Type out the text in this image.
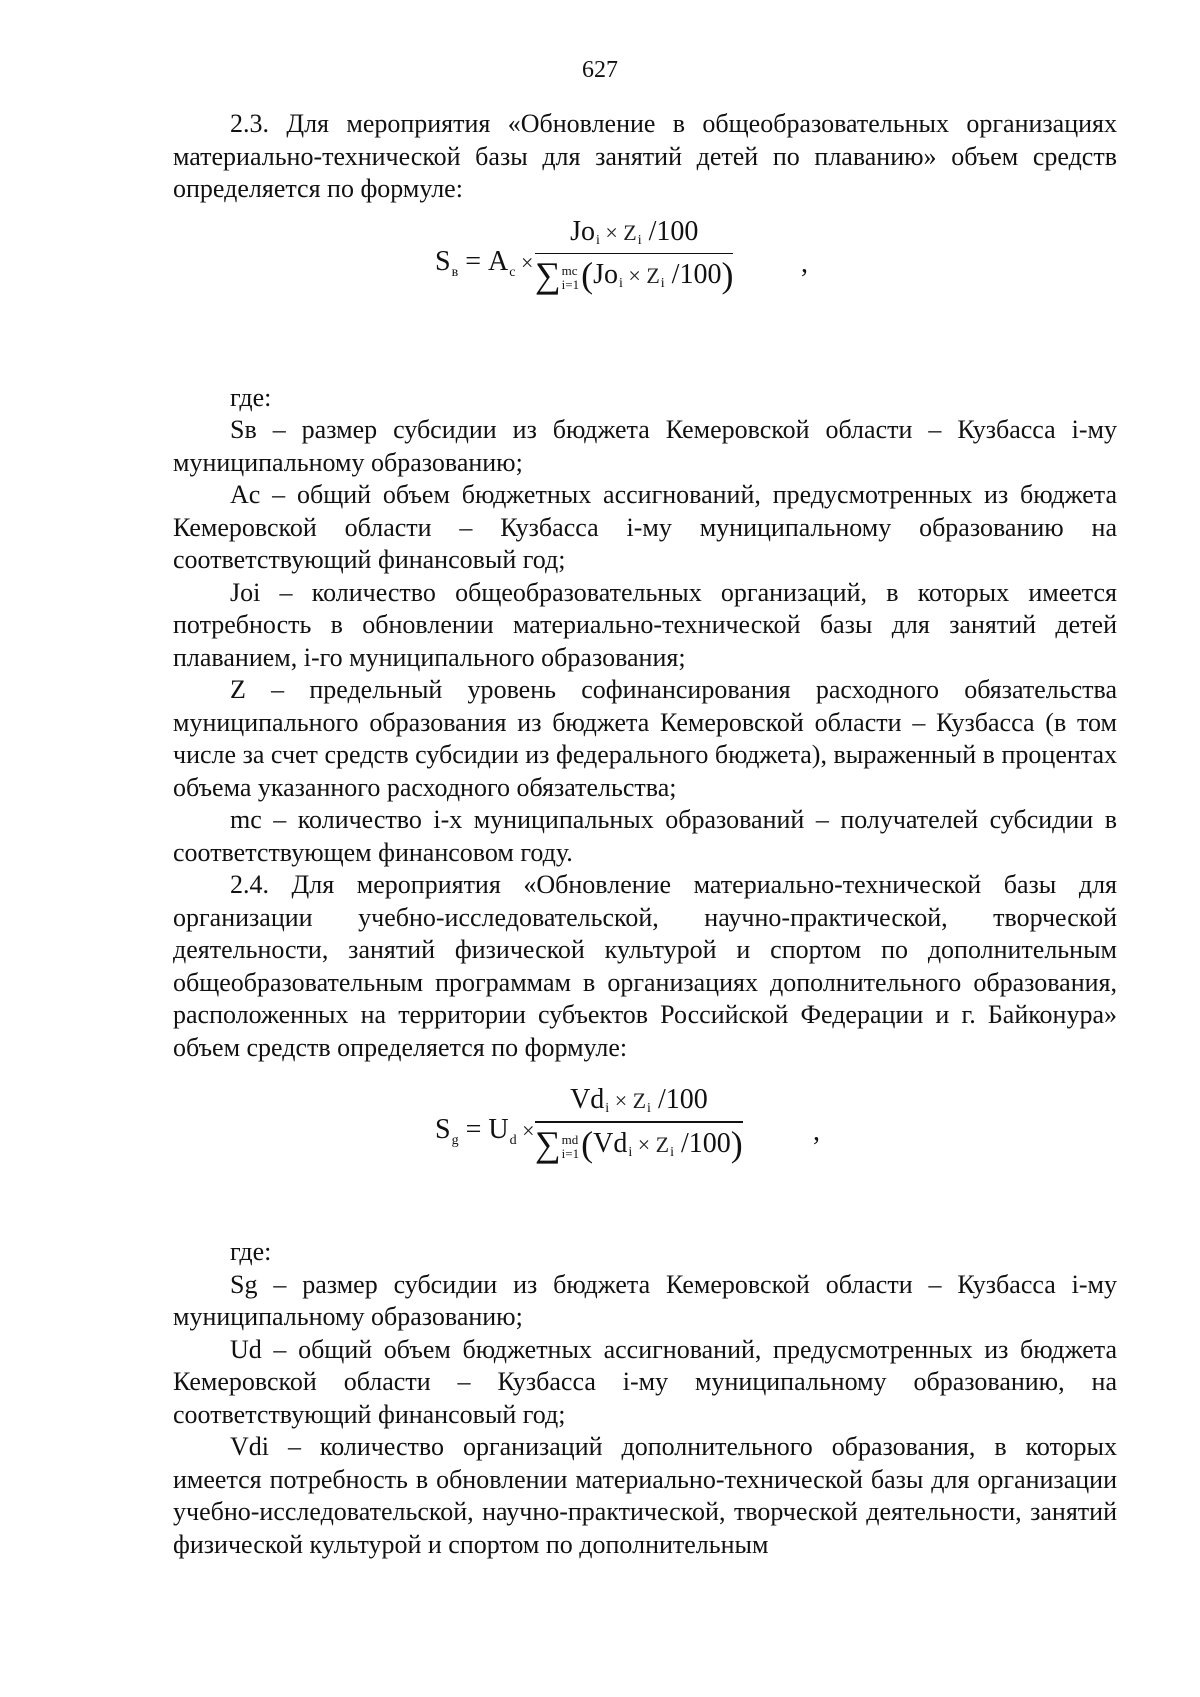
627

2.3. Для мероприятия «Обновление в общеобразовательных организациях материально-технической базы для занятий детей по плаванию» объем средств определяется по формуле:

$S_в = A_c$ ×
Joi × Zi /100
∑mc
i=1(Joi × Zi /100) ,

где:

Sв – размер субсидии из бюджета Кемеровской области – Кузбасса i-му муниципальному образованию;

Aс – общий объем бюджетных ассигнований, предусмотренных из бюджета Кемеровской области – Кузбасса i-му муниципальному образованию на соответствующий финансовый год;

Joi – количество общеобразовательных организаций, в которых имеется потребность в обновлении материально-технической базы для занятий детей плаванием, i-го муниципального образования;

Z – предельный уровень софинансирования расходного обязательства муниципального образования из бюджета Кемеровской области – Кузбасса (в том числе за счет средств субсидии из федерального бюджета), выраженный в процентах объема указанного расходного обязательства;

mc – количество i-х муниципальных образований – получателей субсидии в соответствующем финансовом году.

2.4. Для мероприятия «Обновление материально-технической базы для организации учебно-исследовательской, научно-практической, творческой деятельности, занятий физической культурой и спортом по дополнительным общеобразовательным программам в организациях дополнительного образования, расположенных на территории субъектов Российской Федерации и г. Байконура» объем средств определяется по формуле:

$S_g = U_d$ ×
Vdi × Zi /100
∑md
i=1(Vdi × Zi /100)	,

где:

Sg – размер субсидии из бюджета Кемеровской области – Кузбасса i-му муниципальному образованию;

Ud – общий объем бюджетных ассигнований, предусмотренных из бюджета Кемеровской области – Кузбасса i-му муниципальному образованию, на соответствующий финансовый год;

Vdi – количество организаций дополнительного образования, в которых имеется потребность в обновлении материально-технической базы для организации учебно-исследовательской, научно-практической, творческой деятельности, занятий физической культурой и спортом по дополнительным
